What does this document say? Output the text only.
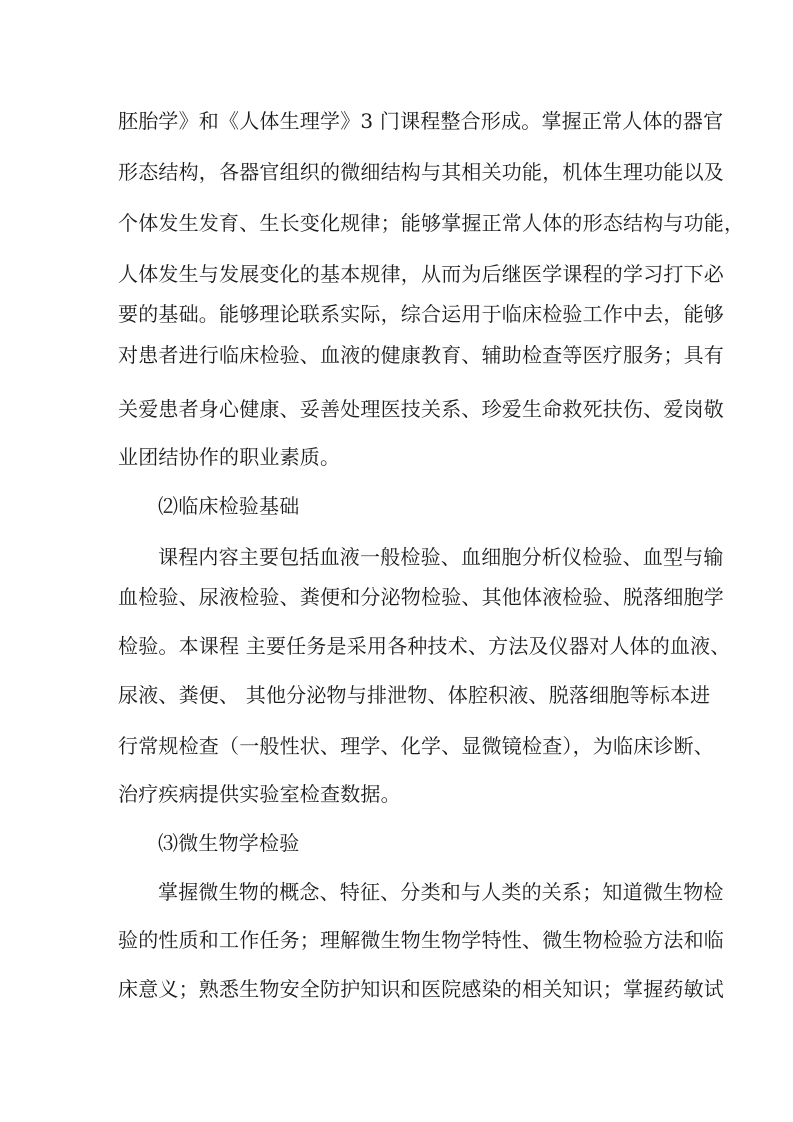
胚胎学》和《人体生理学》3 门课程整合形成。掌握正常人体的器官
形态结构，各器官组织的微细结构与其相关功能，机体生理功能以及
个体发生发育、生长变化规律；能够掌握正常人体的形态结构与功能，
人体发生与发展变化的基本规律，从而为后继医学课程的学习打下必
要的基础。能够理论联系实际，综合运用于临床检验工作中去，能够
对患者进行临床检验、血液的健康教育、辅助检查等医疗服务；具有
关爱患者身心健康、妥善处理医技关系、珍爱生命救死扶伤、爱岗敬
业团结协作的职业素质。
⑵临床检验基础
课程内容主要包括血液一般检验、血细胞分析仪检验、血型与输
血检验、尿液检验、粪便和分泌物检验、其他体液检验、脱落细胞学
检验。本课程 主要任务是采用各种技术、方法及仪器对人体的血液、
尿液、粪便、 其他分泌物与排泄物、体腔积液、脱落细胞等标本进
行常规检查（一般性状、理学、化学、显微镜检查），为临床诊断、
治疗疾病提供实验室检查数据。
⑶微生物学检验
掌握微生物的概念、特征、分类和与人类的关系；知道微生物检
验的性质和工作任务；理解微生物生物学特性、微生物检验方法和临
床意义；熟悉生物安全防护知识和医院感染的相关知识；掌握药敏试
